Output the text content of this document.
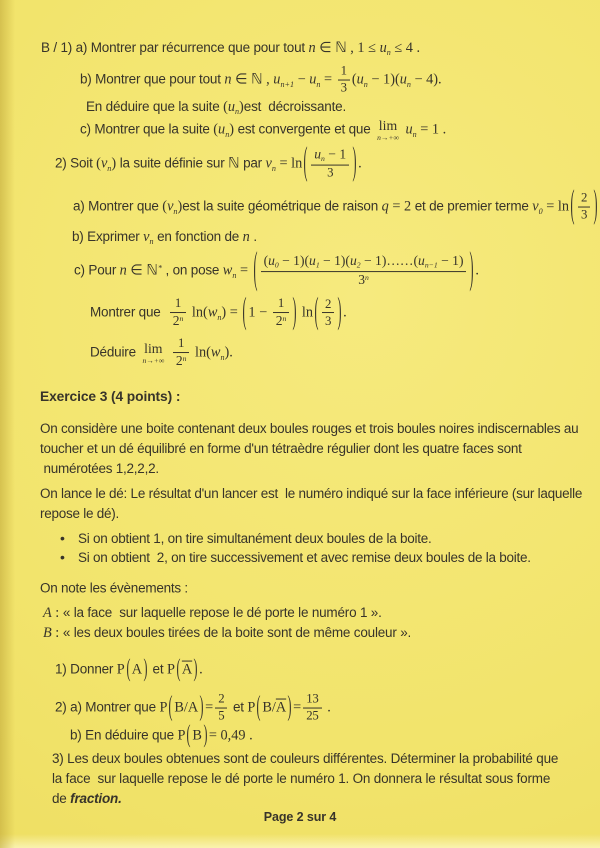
B / 1) a) Montrer par récurrence que pour tout n ∈ ℕ , $1 \le u_n \le 4$ .
b) Montrer que pour tout n ∈ ℕ , $u_{n+1} - u_n = \frac{1}{3} (u_n - 1)(u_n - 4)$.
En déduire que la suite $(u_n)est$  décroissante.
c) Montrer que la suite $(u_n)$ est convergente et que lim
n→+∞ $u_n = 1$ .
2) Soit $(v_n)$ la suite définie sur ℕ par $v_n = \ln( \frac{un - 1}{3}$ ).
a) Montrer que $(v_n)est$ la suite géométrique de raison q = 2 et de premier terme $v_0 = \ln( \frac{2}{3}$ )
b) Exprimer $v_n$ en fonction de n .
c) Pour n ∈ ℕ* , on pose $w_n$ = ( $\frac{(u0 - 1)(u1 - 1)(u2 - 1)\dots\dots(un-1 - 1)}{3^n}$ ).
Montrer que $\frac{1}{2^n} \ln(w_n) = (1 - \frac{1}{2^n}$ ) $\ln( \frac{2}{3}$ ).
Déduire lim
n→+∞
$\frac{1}{2^n} \ln(w_n)$.
Exercice 3 (4 points) :
On considère une boite contenant deux boules rouges et trois boules noires indiscernables au toucher et un dé équilibré en forme d'un tétraèdre régulier dont les quatre faces sont  numérotées 1,2,2,2.
On lance le dé: Le résultat d'un lancer est  le numéro indiqué sur la face inférieure (sur laquelle repose le dé).
• Si on obtient 1, on tire simultanément deux boules de la boite.
• Si on obtient  2, on tire successivement et avec remise deux boules de la boite.
On note les évènements :
A : « la face  sur laquelle repose le dé porte le numéro 1 ».
B : « les deux boules tirées de la boite sont de même couleur ».
1) Donner P(A) et $P(\overline{A})$.
2) a) Montrer que $P(B/A)= \frac{2}{5}$ et $P(B/\overline{A})= \frac{13}{25}$ .
b) En déduire que P(B)= 0,49 .
3) Les deux boules obtenues sont de couleurs différentes. Déterminer la probabilité que la face  sur laquelle repose le dé porte le numéro 1. On donnera le résultat sous forme de fraction.
Page 2 sur 4
